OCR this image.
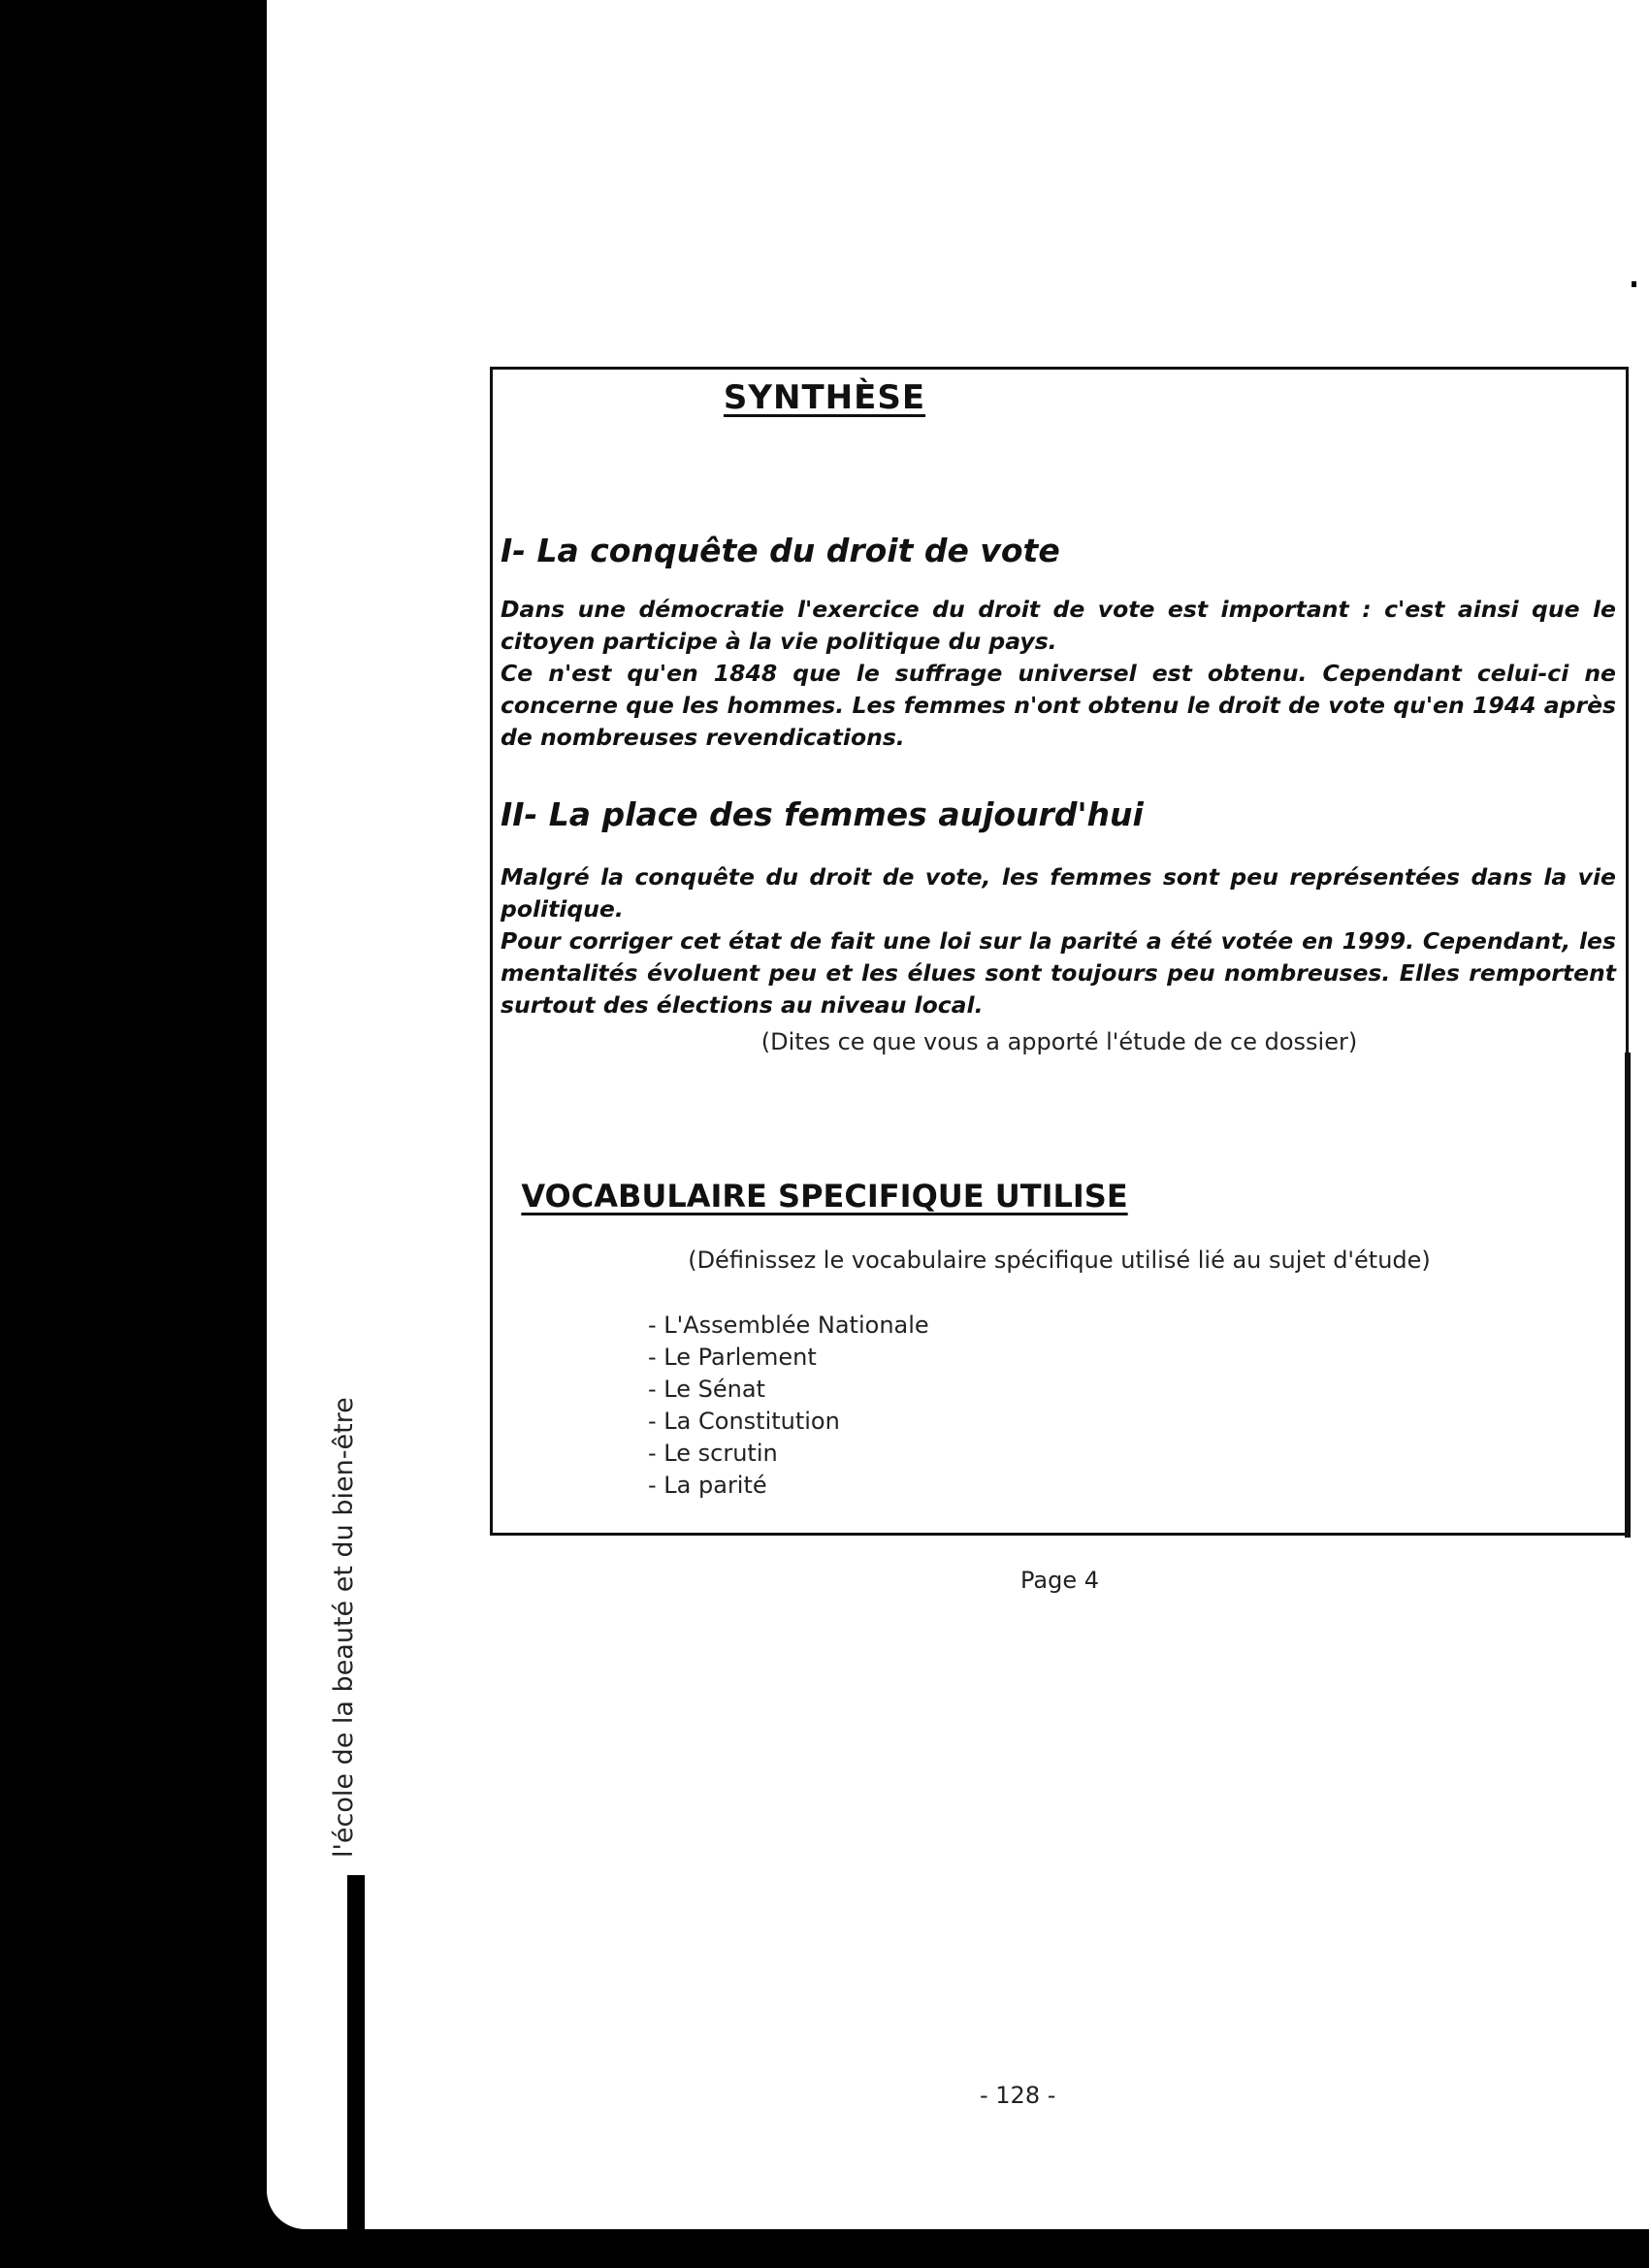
l'école de la beauté et du bien-être
SYNTHÈSE
I- La conquête du droit de vote

Dans une démocratie l'exercice du droit de vote est important : c'est ainsi que le citoyen participe à la vie politique du pays.

Ce n'est qu'en 1848 que le suffrage universel est obtenu. Cependant celui-ci ne concerne que les hommes. Les femmes n'ont obtenu le droit de vote qu'en 1944 après de nombreuses revendications.

II- La place des femmes aujourd'hui

Malgré la conquête du droit de vote, les femmes sont peu représentées dans la vie politique.

Pour corriger cet état de fait une loi sur la parité a été votée en 1999. Cependant, les mentalités évoluent peu et les élues sont toujours peu nombreuses. Elles remportent surtout des élections au niveau local.

(Dites ce que vous a apporté l'étude de ce dossier)
VOCABULAIRE SPECIFIQUE UTILISE
(Définissez le vocabulaire spécifique utilisé lié au sujet d'étude)
- L'Assemblée Nationale
- Le Parlement
- Le Sénat
- La Constitution
- Le scrutin
- La parité
Page 4
- 128 -
